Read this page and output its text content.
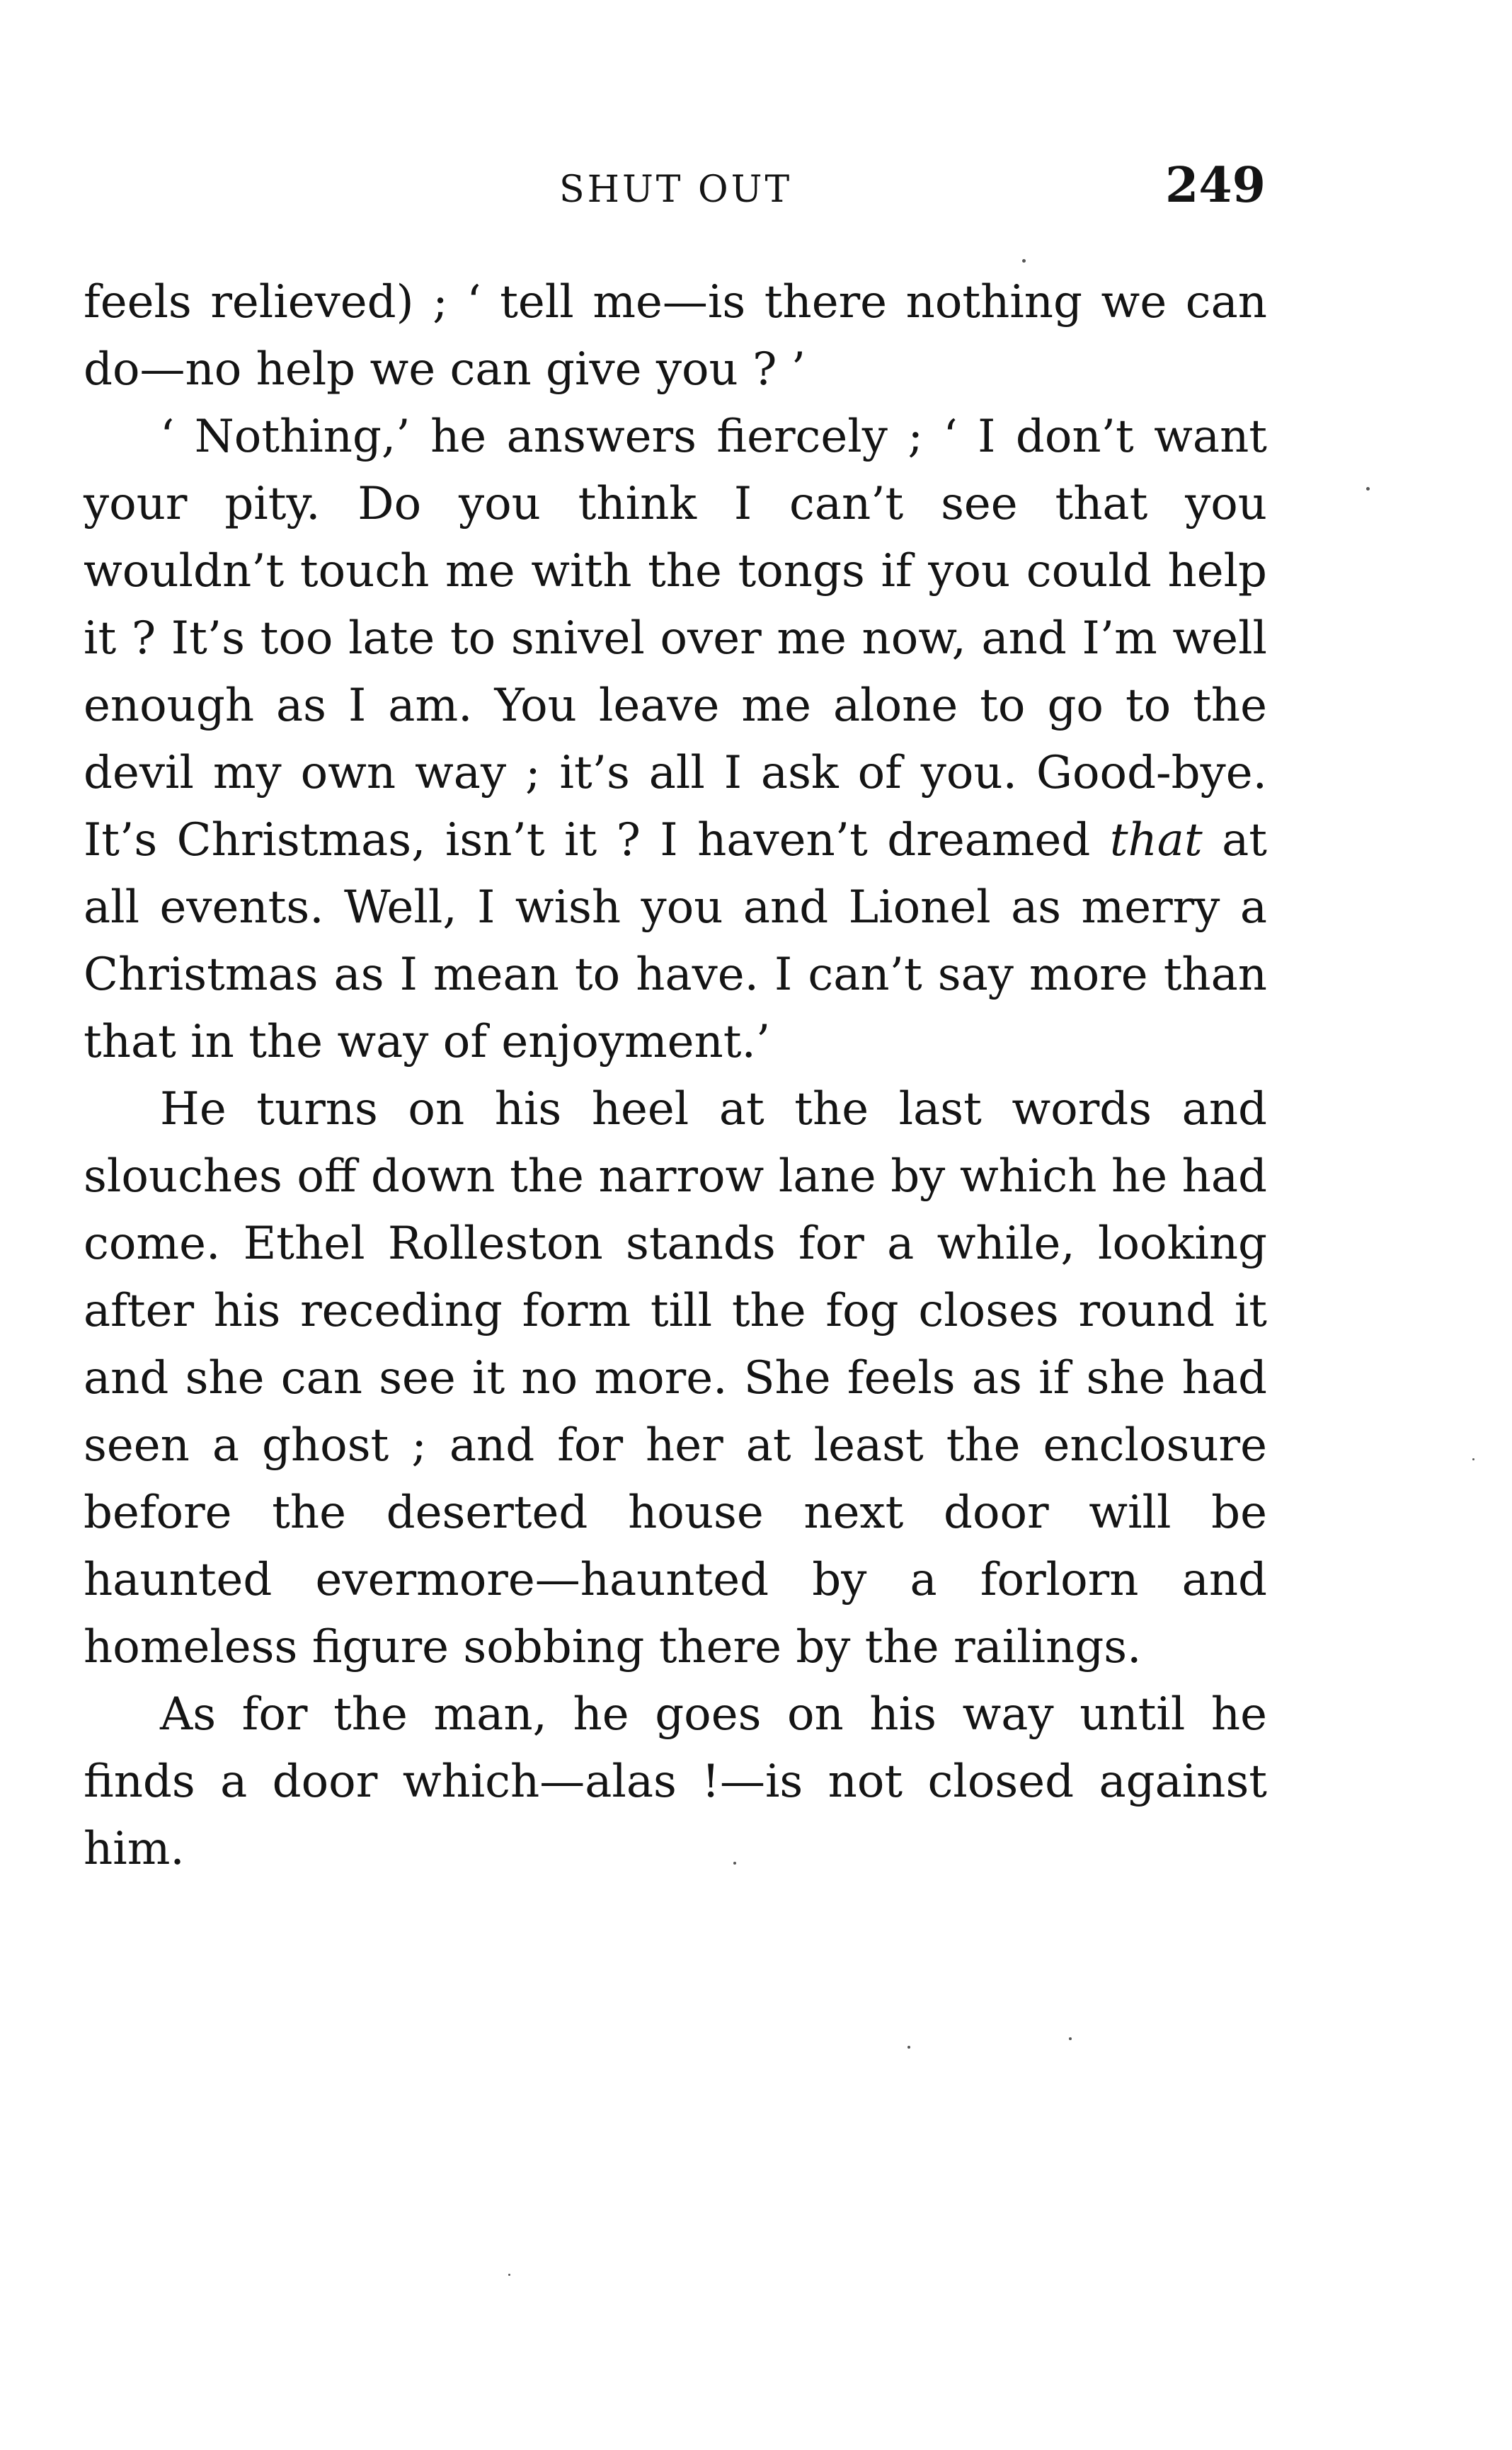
SHUT OUT	249

feels relieved) ; ‘ tell me—is there nothing we can do—no help we can give you ? ’

‘ Nothing,’ he answers fiercely ; ‘ I don’t want your pity. Do you think I can’t see that you wouldn’t touch me with the tongs if you could help it ? It’s too late to snivel over me now, and I’m well enough as I am. You leave me alone to go to the devil my own way ; it’s all I ask of you. Good-bye. It’s Christmas, isn’t it ? I haven’t dreamed that at all events. Well, I wish you and Lionel as merry a Christmas as I mean to have. I can’t say more than that in the way of enjoyment.’

He turns on his heel at the last words and slouches off down the narrow lane by which he had come. Ethel Rolleston stands for a while, looking after his receding form till the fog closes round it and she can see it no more. She feels as if she had seen a ghost ; and for her at least the enclosure before the deserted house next door will be haunted evermore—haunted by a forlorn and homeless figure sobbing there by the railings.

As for the man, he goes on his way until he finds a door which—alas !—is not closed against him.
